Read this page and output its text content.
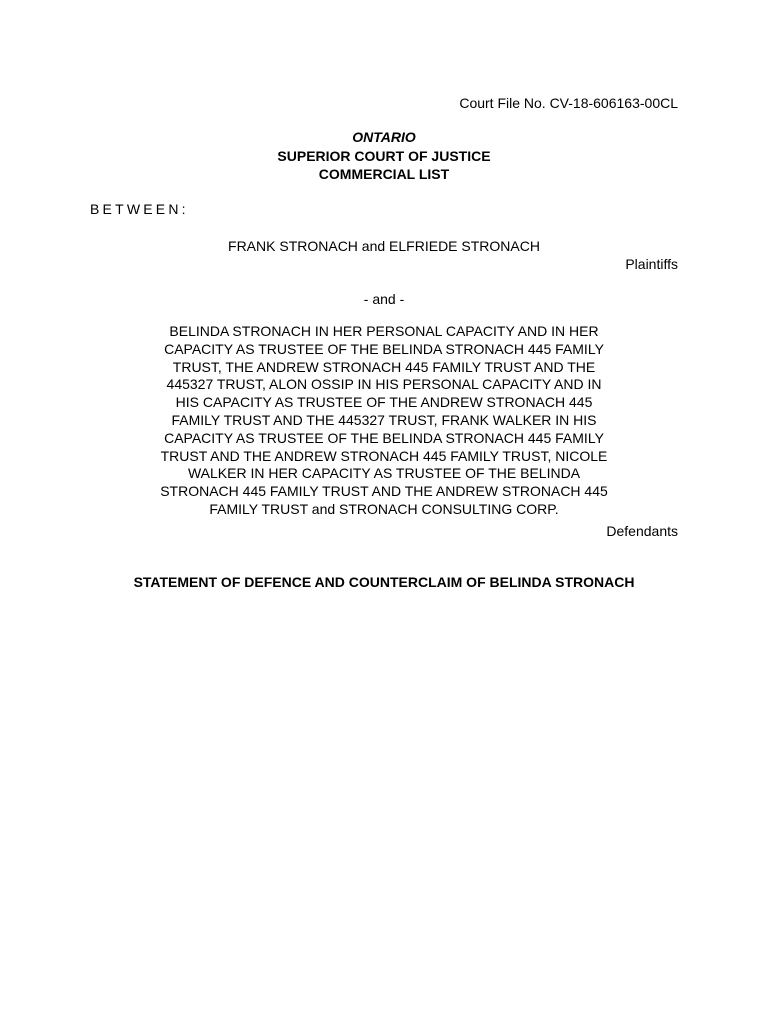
Court File No. CV-18-606163-00CL
ONTARIO
SUPERIOR COURT OF JUSTICE
COMMERCIAL LIST
BETWEEN:
FRANK STRONACH and ELFRIEDE STRONACH
Plaintiffs
- and -
BELINDA STRONACH IN HER PERSONAL CAPACITY AND IN HER
CAPACITY AS TRUSTEE OF THE BELINDA STRONACH 445 FAMILY
TRUST, THE ANDREW STRONACH 445 FAMILY TRUST AND THE
445327 TRUST, ALON OSSIP IN HIS PERSONAL CAPACITY AND IN
HIS CAPACITY AS TRUSTEE OF THE ANDREW STRONACH 445
FAMILY TRUST AND THE 445327 TRUST, FRANK WALKER IN HIS
CAPACITY AS TRUSTEE OF THE BELINDA STRONACH 445 FAMILY
TRUST AND THE ANDREW STRONACH 445 FAMILY TRUST, NICOLE
WALKER IN HER CAPACITY AS TRUSTEE OF THE BELINDA
STRONACH 445 FAMILY TRUST AND THE ANDREW STRONACH 445
FAMILY TRUST and STRONACH CONSULTING CORP.
Defendants
STATEMENT OF DEFENCE AND COUNTERCLAIM OF BELINDA STRONACH
